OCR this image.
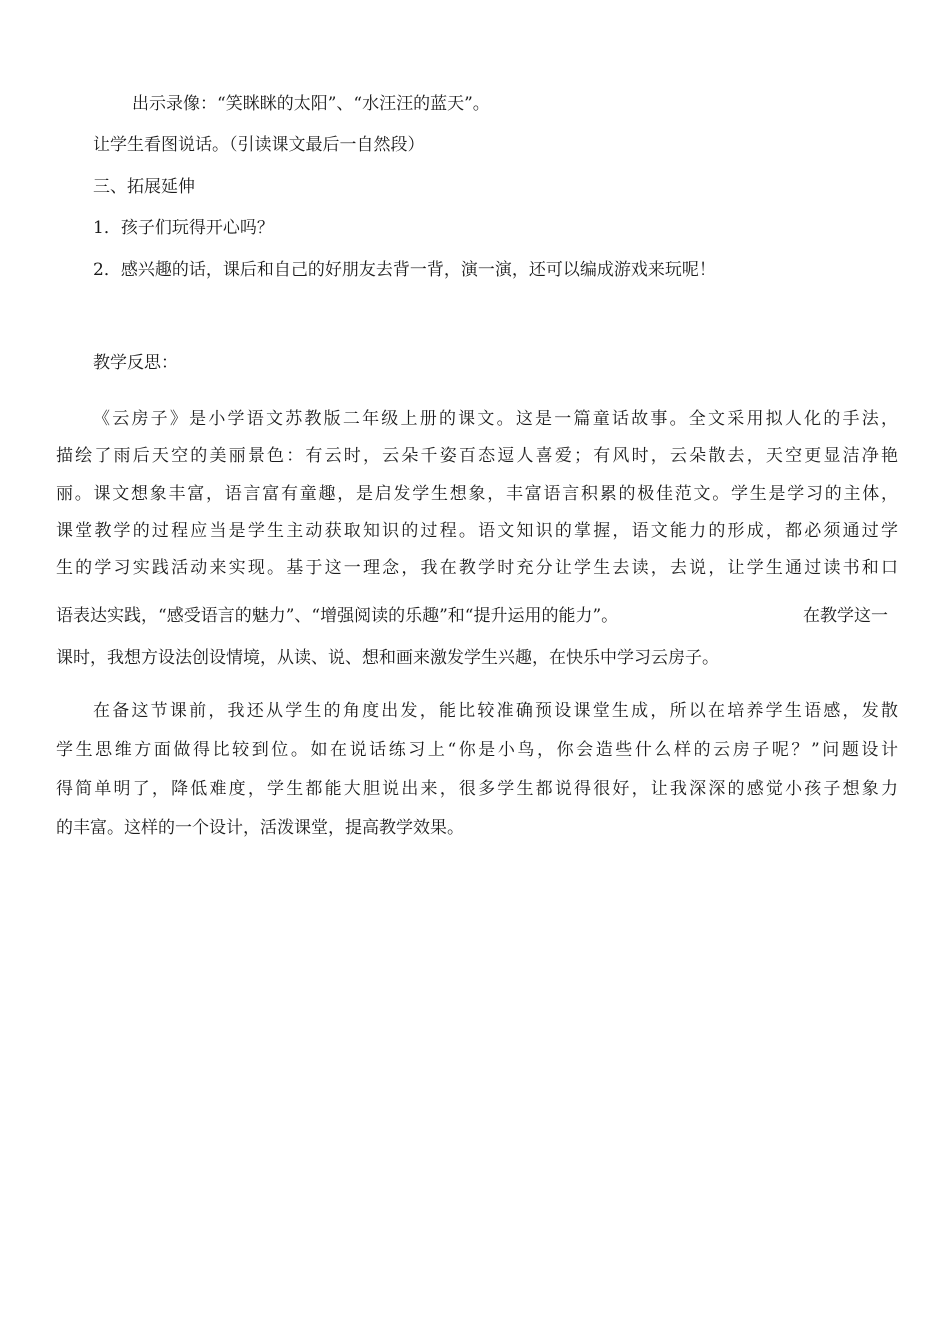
出示录像：“笑眯眯的太阳”、“水汪汪的蓝天”。

让学生看图说话。（引读课文最后一自然段）

三、拓展延伸

1．孩子们玩得开心吗？

2．感兴趣的话，课后和自己的好朋友去背一背，演一演，还可以编成游戏来玩呢！

教学反思：

《云房子》是小学语文苏教版二年级上册的课文。这是一篇童话故事。全文采用拟人化的手法，
描绘了雨后天空的美丽景色：有云时，云朵千姿百态逗人喜爱；有风时，云朵散去，天空更显洁净艳
丽。课文想象丰富，语言富有童趣，是启发学生想象，丰富语言积累的极佳范文。学生是学习的主体，
课堂教学的过程应当是学生主动获取知识的过程。语文知识的掌握，语文能力的形成，都必须通过学
生的学习实践活动来实现。基于这一理念，我在教学时充分让学生去读，去说，让学生通过读书和口
语表达实践，“感受语言的魅力”、“增强阅读的乐趣”和“提升运用的能力”。	在教学这一

课时，我想方设法创设情境，从读、说、想和画来激发学生兴趣，在快乐中学习云房子。
在备这节课前，我还从学生的角度出发，能比较准确预设课堂生成，所以在培养学生语感，发散
学生思维方面做得比较到位。如在说话练习上“你是小鸟，你会造些什么样的云房子呢？”问题设计
得简单明了，降低难度，学生都能大胆说出来，很多学生都说得很好，让我深深的感觉小孩子想象力
的丰富。这样的一个设计，活泼课堂，提高教学效果。
